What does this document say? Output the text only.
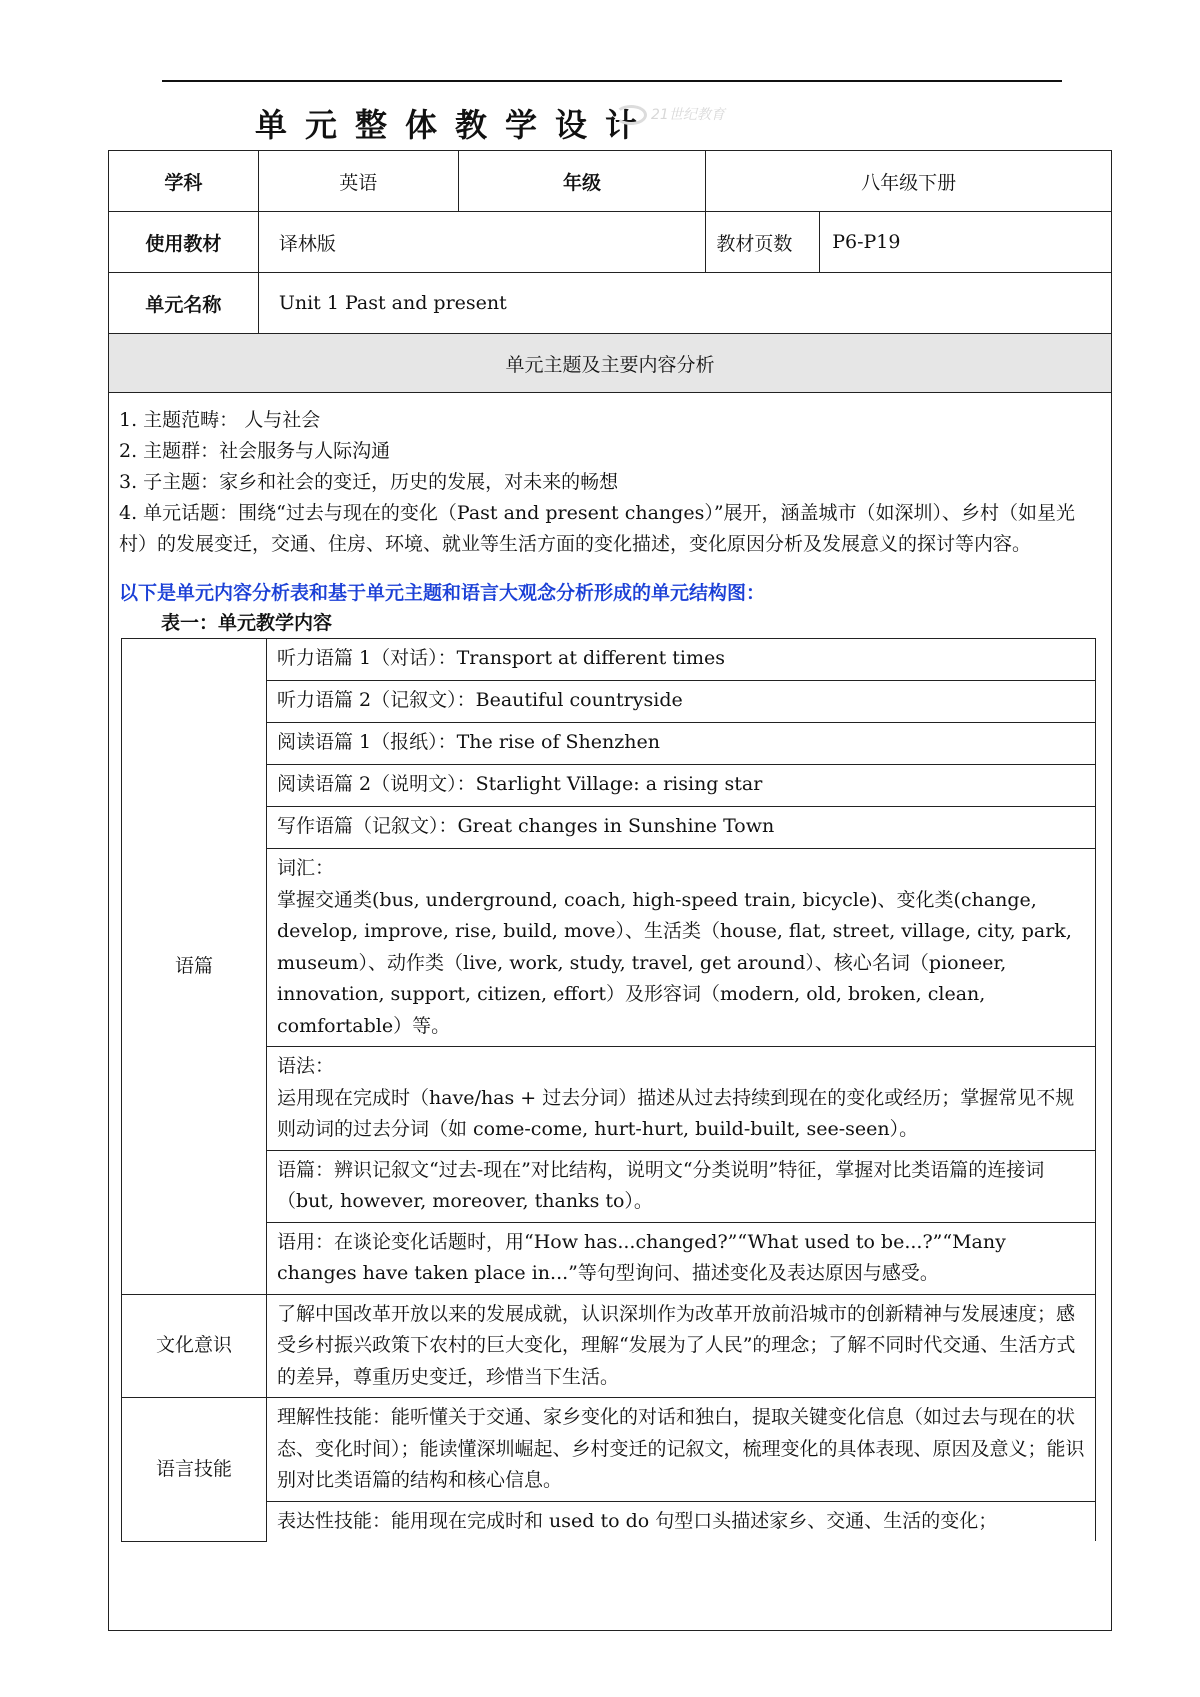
单元整体教学设计
21世纪教育
学科	英语	年级	八年级下册
使用教材	译林版	教材页数	P6-P19
单元名称	Unit 1 Past and present
单元主题及主要内容分析

1. 主题范畴： 人与社会

2. 主题群：社会服务与人际沟通

3. 子主题：家乡和社会的变迁，历史的发展，对未来的畅想

4. 单元话题：围绕“过去与现在的变化（Past and present changes）”展开，涵盖城市（如深圳）、乡村（如星光村）的发展变迁，交通、住房、环境、就业等生活方面的变化描述，变化原因分析及发展意义的探讨等内容。

以下是单元内容分析表和基于单元主题和语言大观念分析形成的单元结构图：

表一：单元教学内容

语篇	听力语篇 1（对话）：Transport at different times
听力语篇 2（记叙文）：Beautiful countryside
阅读语篇 1（报纸）：The rise of Shenzhen
阅读语篇 2（说明文）：Starlight Village: a rising star
写作语篇（记叙文）：Great changes in Sunshine Town

词汇：
掌握交通类(bus, underground, coach, high-speed train, bicycle)、变化类(change, develop, improve, rise, build, move）、生活类（house, flat, street, village, city, park, museum）、动作类（live, work, study, travel, get around）、核心名词（pioneer, innovation, support, citizen, effort）及形容词（modern, old, broken, clean, comfortable）等。

语法：
运用现在完成时（have/has + 过去分词）描述从过去持续到现在的变化或经历；掌握常见不规则动词的过去分词（如 come-come, hurt-hurt, build-built, see-seen）。

语篇：辨识记叙文“过去-现在”对比结构，说明文“分类说明”特征，掌握对比类语篇的连接词（but, however, moreover, thanks to）。
语用：在谈论变化话题时，用“How has...changed?”“What used to be...?”“Many changes have taken place in...”等句型询问、描述变化及表达原因与感受。
文化意识	了解中国改革开放以来的发展成就，认识深圳作为改革开放前沿城市的创新精神与发展速度；感受乡村振兴政策下农村的巨大变化，理解“发展为了人民”的理念；了解不同时代交通、生活方式的差异，尊重历史变迁，珍惜当下生活。
语言技能	理解性技能：能听懂关于交通、家乡变化的对话和独白，提取关键变化信息（如过去与现在的状态、变化时间）；能读懂深圳崛起、乡村变迁的记叙文，梳理变化的具体表现、原因及意义；能识别对比类语篇的结构和核心信息。
表达性技能：能用现在完成时和 used to do 句型口头描述家乡、交通、生活的变化；
